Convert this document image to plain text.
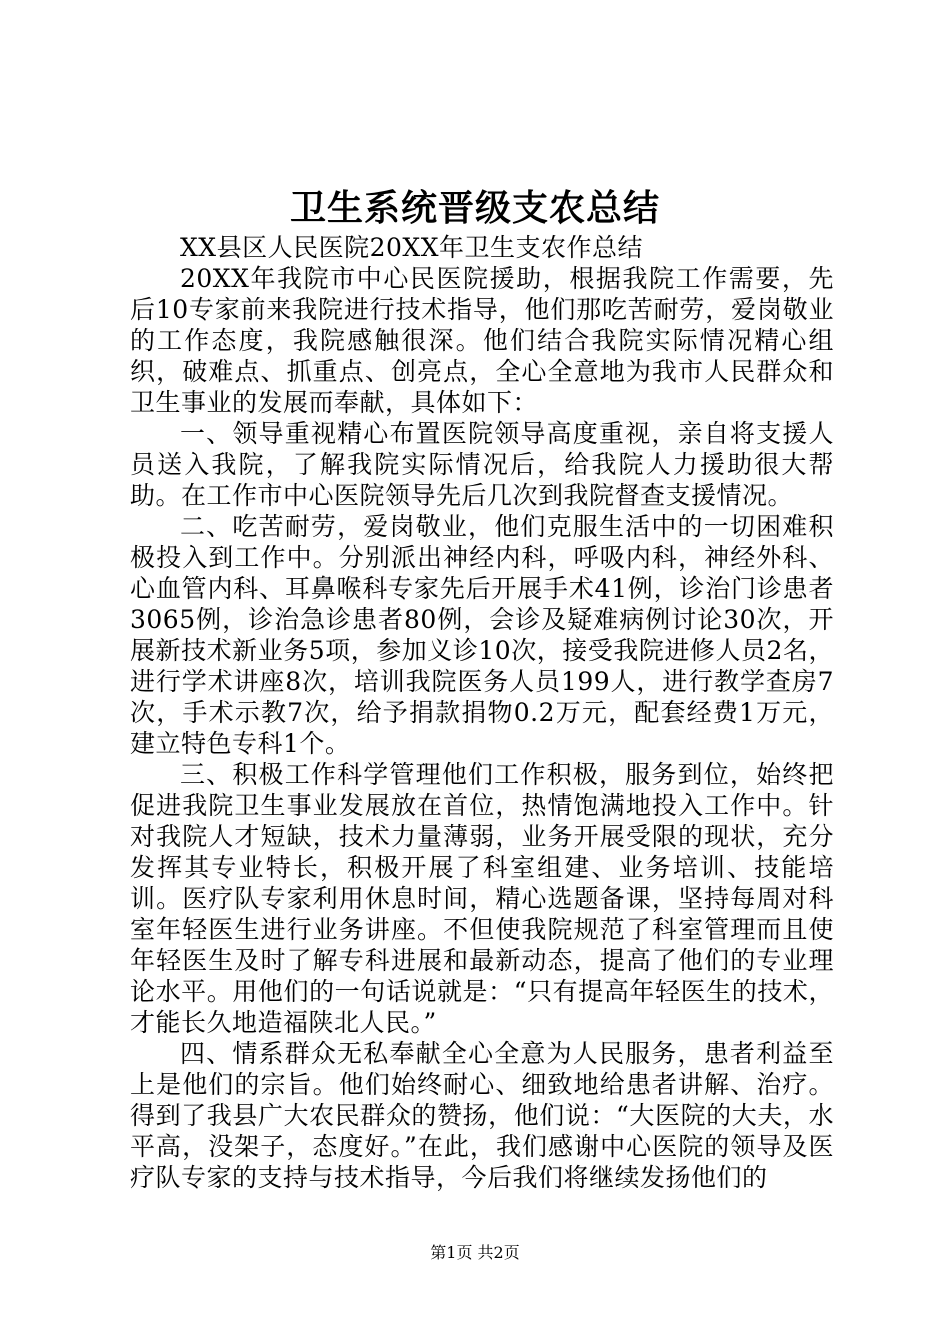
卫生系统晋级支农总结

XX县区人民医院20XX年卫生支农作总结

20XX年我院市中心民医院援助，根据我院工作需要，先后10专家前来我院进行技术指导，他们那吃苦耐劳，爱岗敬业的工作态度，我院感触很深。他们结合我院实际情况精心组织，破难点、抓重点、创亮点，全心全意地为我市人民群众和卫生事业的发展而奉献，具体如下：

一、领导重视精心布置医院领导高度重视，亲自将支援人员送入我院，了解我院实际情况后，给我院人力援助很大帮助。在工作市中心医院领导先后几次到我院督查支援情况。

二、吃苦耐劳，爱岗敬业，他们克服生活中的一切困难积极投入到工作中。分别派出神经内科，呼吸内科，神经外科、心血管内科、耳鼻喉科专家先后开展手术41例，诊治门诊患者3065例，诊治急诊患者80例，会诊及疑难病例讨论30次，开展新技术新业务5项，参加义诊10次，接受我院进修人员2名，进行学术讲座8次，培训我院医务人员199人，进行教学查房7次，手术示教7次，给予捐款捐物0.2万元，配套经费1万元，建立特色专科1个。

三、积极工作科学管理他们工作积极，服务到位，始终把促进我院卫生事业发展放在首位，热情饱满地投入工作中。针对我院人才短缺，技术力量薄弱，业务开展受限的现状，充分发挥其专业特长，积极开展了科室组建、业务培训、技能培训。医疗队专家利用休息时间，精心选题备课，坚持每周对科室年轻医生进行业务讲座。不但使我院规范了科室管理而且使年轻医生及时了解专科进展和最新动态，提高了他们的专业理论水平。用他们的一句话说就是：“只有提高年轻医生的技术，才能长久地造福陕北人民。”

四、情系群众无私奉献全心全意为人民服务，患者利益至上是他们的宗旨。他们始终耐心、细致地给患者讲解、治疗。得到了我县广大农民群众的赞扬，他们说：“大医院的大夫，水平高，没架子，态度好。”在此，我们感谢中心医院的领导及医疗队专家的支持与技术指导，今后我们将继续发扬他们的

第1页 共2页
